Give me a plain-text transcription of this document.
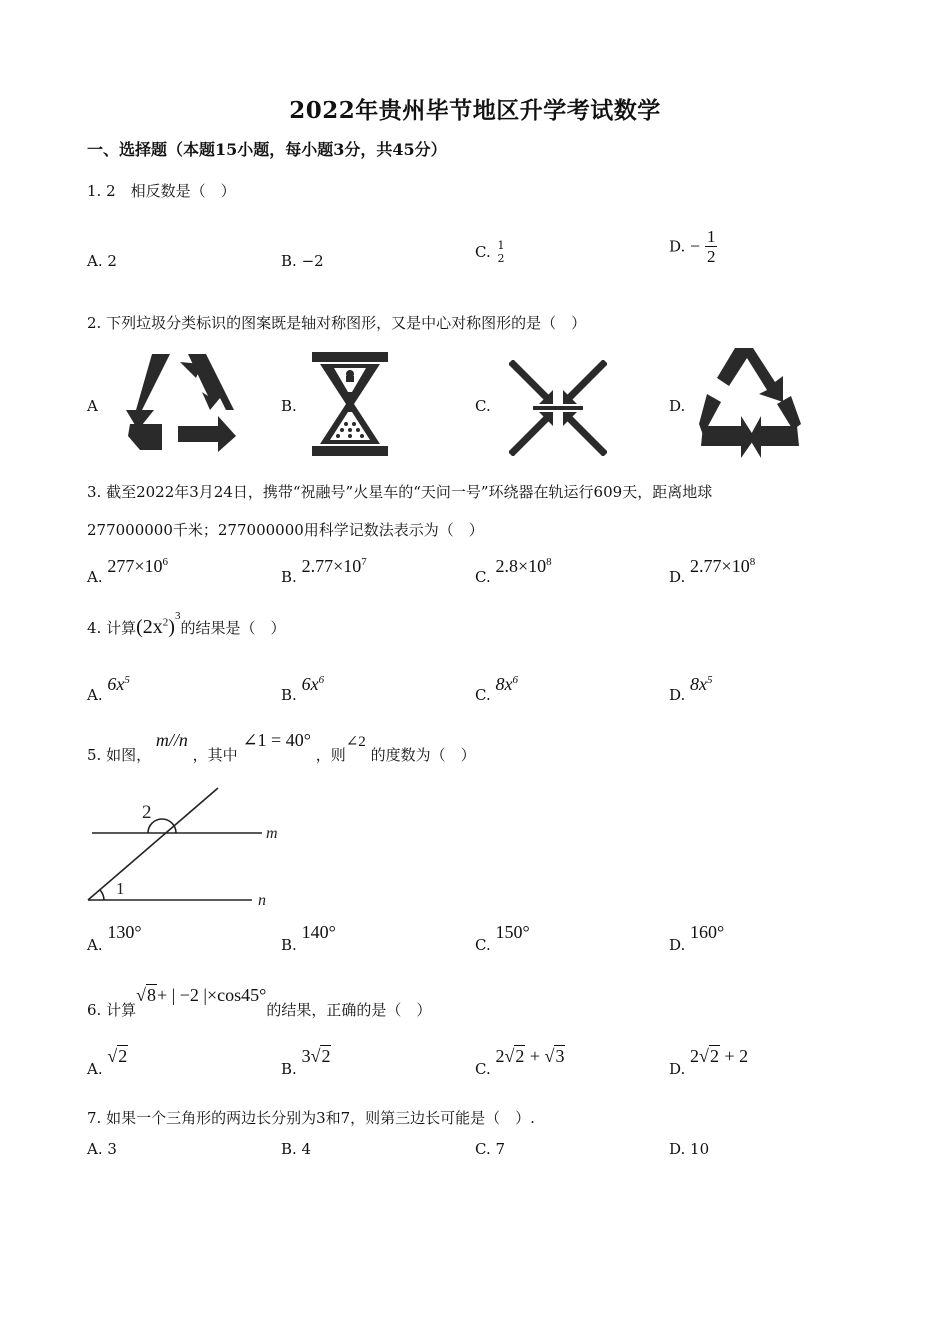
2022年贵州毕节地区升学考试数学
一、选择题（本题15小题，每小题3分，共45分）
1. 2　相反数是（　）
A. 2	B. −2	C. 1
2
D. − $\frac{1}{2}$
2. 下列垃圾分类标识的图案既是轴对称图形，又是中心对称图形的是（　）
A	B.	C.	D.
3. 截至2022年3月24日，携带“祝融号”火星车的“天问一号”环绕器在轨运行609天，距离地球
277000000千米；277000000用科学记数法表示为（　）
A. $277\times 10^6$
B. $2.77\times 10^7$
C. $2.8\times 10^8$
D. $2.77\times 10^8$
4. 计算$(2x^2)^3$的结果是（　）
A. $6x^5$
B. $6x^6$
C. $8x^6$
D. $8x^5$
5. 如图， m//n ，其中 ∠1 = 40° ，则∠2 的度数为（　）
2
1
m
n
A. 130°
B. 140°
C. 150°
D. 160°
6. 计算√8+ | −2 |×cos45°的结果，正确的是（　）
A. √2
B. 3√2
C. 2√2 + √3
D. 2√2 + 2
7. 如果一个三角形的两边长分别为3和7，则第三边长可能是（　）.
A. 3	B. 4	C. 7	D. 10
